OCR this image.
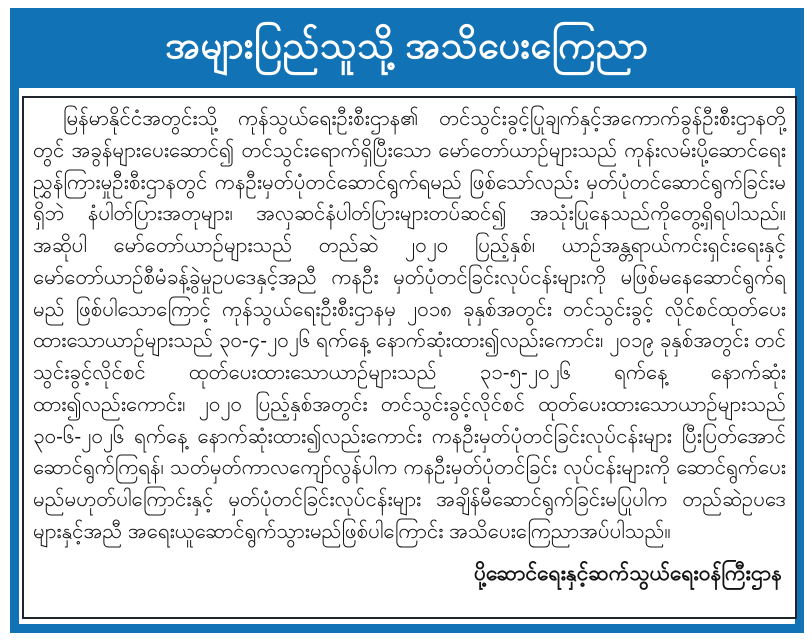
အများပြည်သူသို့ အသိပေးကြေညာ

မြန်မာနိုင်ငံအတွင်းသို့ ကုန်သွယ်ရေးဦးစီးဌာန၏ တင်သွင်းခွင့်ပြုချက်နှင့်အကောက်ခွန်ဦးစီးဌာနတို့တွင် အခွန်များပေးဆောင်၍ တင်သွင်းရောက်ရှိပြီးသော မော်တော်ယာဉ်များသည် ကုန်းလမ်းပို့ဆောင်ရေးညွှန်ကြားမှုဦးစီးဌာနတွင် ကနဦးမှတ်ပုံတင်ဆောင်ရွက်ရမည် ဖြစ်သော်လည်း မှတ်ပုံတင်ဆောင်ရွက်ခြင်းမရှိဘဲ နံပါတ်ပြားအတုများ၊ အလှဆင်နံပါတ်ပြားများတပ်ဆင်၍ အသုံးပြုနေသည်ကိုတွေ့ရှိရပါသည်။ အဆိုပါ မော်တော်ယာဉ်များသည် တည်ဆဲ ၂၀၂၀ ပြည့်နှစ်၊ ယာဉ်အန္တရာယ်ကင်းရှင်းရေးနှင့်မော်တော်ယာဉ်စီမံခန့်ခွဲမှုဥပဒေနှင့်အညီ ကနဦး မှတ်ပုံတင်ခြင်းလုပ်ငန်းများကို မဖြစ်မနေဆောင်ရွက်ရမည် ဖြစ်ပါသောကြောင့် ကုန်သွယ်ရေးဦးစီးဌာနမှ ၂၀၁၈ ခုနှစ်အတွင်း တင်သွင်းခွင့် လိုင်စင်ထုတ်ပေးထားသောယာဉ်များသည် ၃၀-၄-၂၀၂၆ ရက်နေ့ နောက်ဆုံးထား၍လည်းကောင်း၊ ၂၀၁၉ ခုနှစ်အတွင်း တင်သွင်းခွင့်လိုင်စင် ထုတ်ပေးထားသောယာဉ်များသည် ၃၁-၅-၂၀၂၆ ရက်နေ့ နောက်ဆုံးထား၍လည်းကောင်း၊ ၂၀၂၀ ပြည့်နှစ်အတွင်း တင်သွင်းခွင့်လိုင်စင် ထုတ်ပေးထားသောယာဉ်များသည် ၃၀-၆-၂၀၂၆ ရက်နေ့ နောက်ဆုံးထား၍လည်းကောင်း ကနဦးမှတ်ပုံတင်ခြင်းလုပ်ငန်းများ ပြီးပြတ်အောင်ဆောင်ရွက်ကြရန်၊ သတ်မှတ်ကာလကျော်လွန်ပါက ကနဦးမှတ်ပုံတင်ခြင်း လုပ်ငန်းများကို ဆောင်ရွက်ပေးမည်မဟုတ်ပါကြောင်းနှင့် မှတ်ပုံတင်ခြင်းလုပ်ငန်းများ အချိန်မီဆောင်ရွက်ခြင်းမပြုပါက တည်ဆဲဥပဒေများနှင့်အညီ အရေးယူဆောင်ရွက်သွားမည်ဖြစ်ပါကြောင်း အသိပေးကြေညာအပ်ပါသည်။

ပို့ဆောင်ရေးနှင့်ဆက်သွယ်ရေးဝန်ကြီးဌာန
